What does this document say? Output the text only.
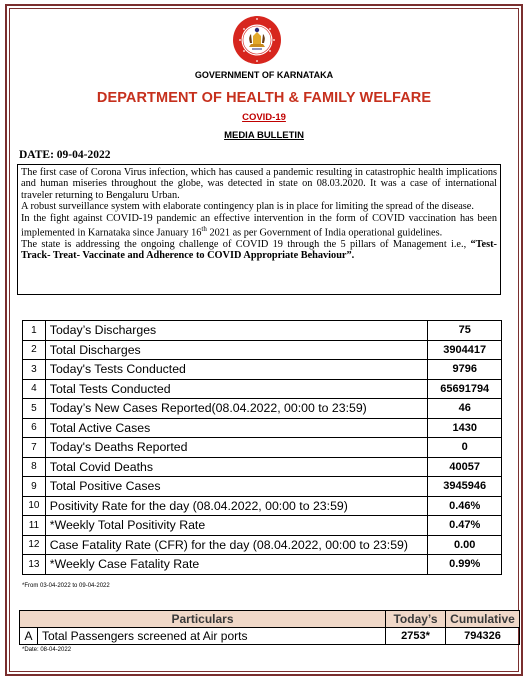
GOVERNMENT OF KARNATAKA
DEPARTMENT OF HEALTH & FAMILY WELFARE
COVID-19
MEDIA BULLETIN
DATE: 09-04-2022

The first case of Corona Virus infection, which has caused a pandemic resulting in catastrophic health implications and human miseries throughout the globe, was detected in state on 08.03.2020. It was a case of international traveler returning to Bengaluru Urban.

A robust surveillance system with elaborate contingency plan is in place for limiting the spread of the disease.

In the fight against COVID-19 pandemic an effective intervention in the form of COVID vaccination has been implemented in Karnataka since January 16th 2021 as per Government of India operational guidelines.

The state is addressing the ongoing challenge of COVID 19 through the 5 pillars of Management i.e., “Test- Track- Treat- Vaccinate and Adherence to COVID Appropriate Behaviour”.

1	Today’s Discharges	75
2	Total Discharges	3904417
3	Today's Tests Conducted	9796
4	Total Tests Conducted	65691794
5	Today’s New Cases Reported(08.04.2022, 00:00 to 23:59)	46
6	Total Active Cases	1430
7	Today's Deaths Reported	0
8	Total Covid Deaths	40057
9	Total Positive Cases	3945946
10	Positivity Rate for the day (08.04.2022, 00:00 to 23:59)	0.46%
11	*Weekly Total Positivity Rate	0.47%
12	Case Fatality Rate (CFR) for the day (08.04.2022, 00:00 to 23:59)	0.00
13	*Weekly Case Fatality Rate	0.99%
*From 03-04-2022 to 09-04-2022
Particulars		Today’s	Cumulative
A	Total Passengers screened at Air ports	2753*	794326
*Date: 08-04-2022
